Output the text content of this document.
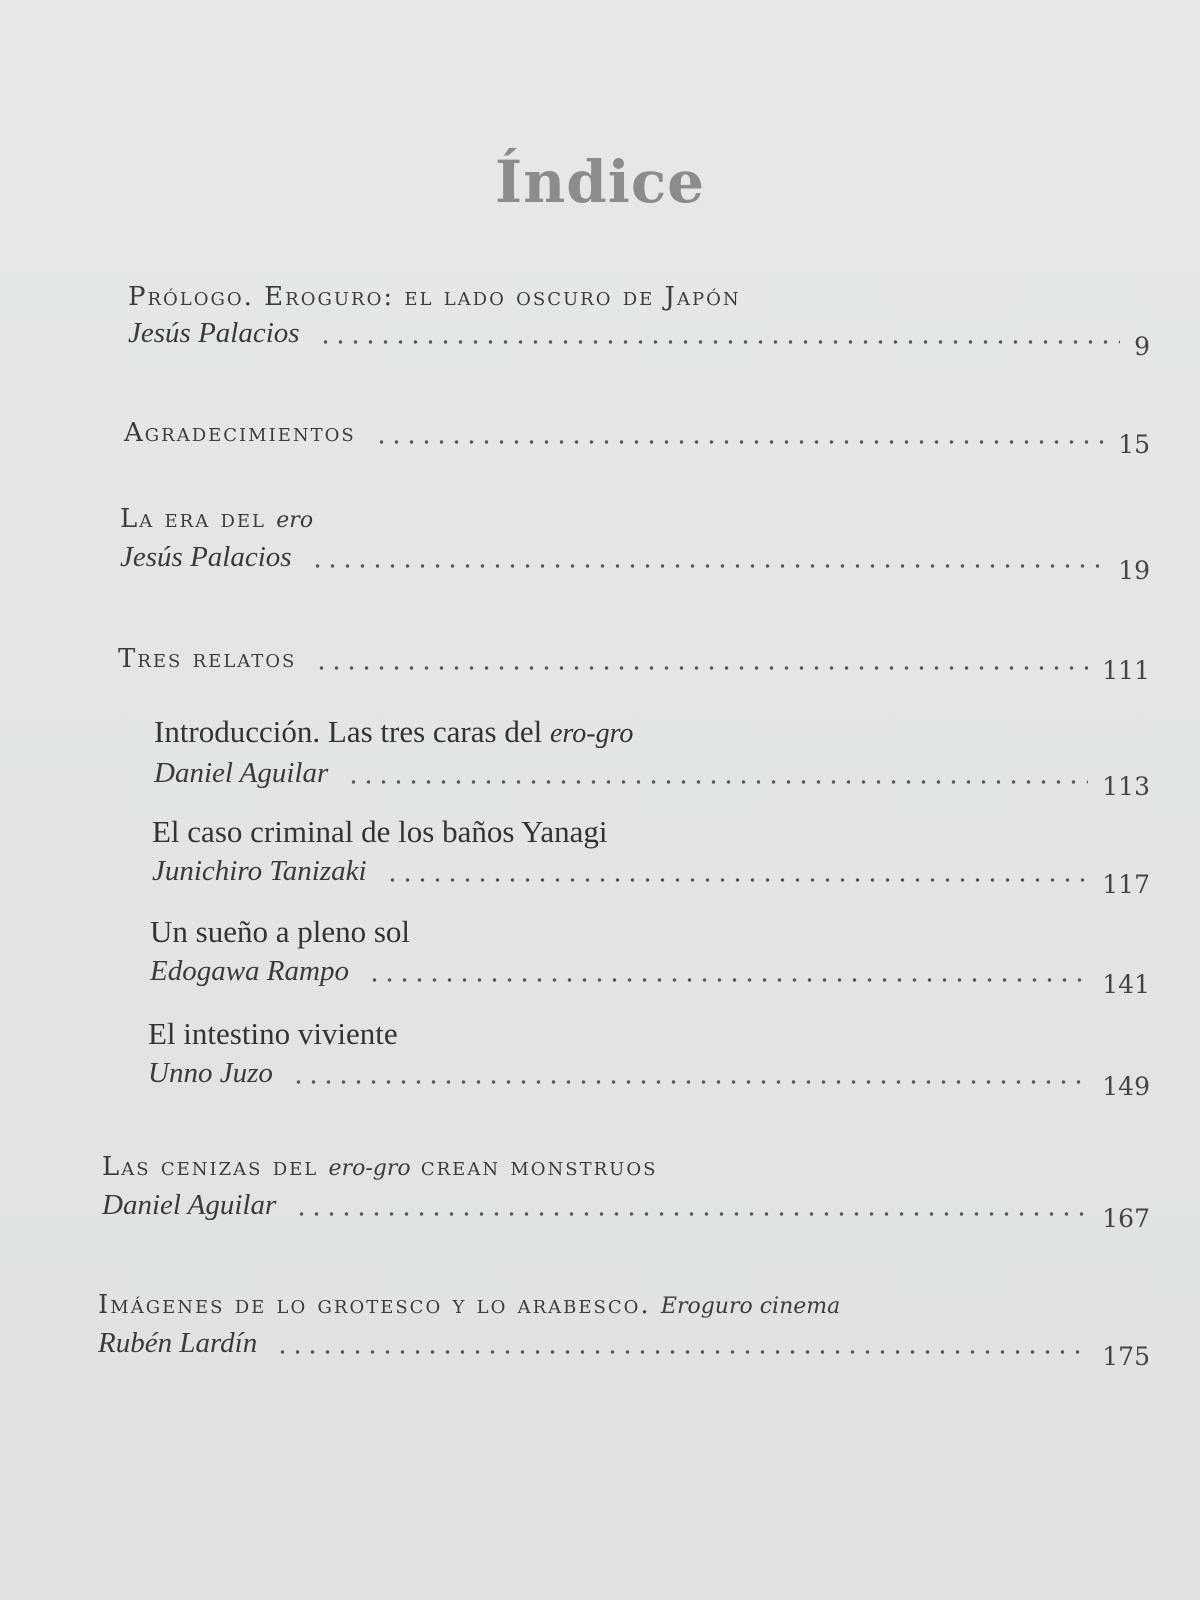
Índice
Prólogo. Eroguro: el lado oscuro de Japón
Jesús Palacios	9
Agradecimientos	15
La era del ero
Jesús Palacios	19
Tres relatos	111
Introducción. Las tres caras del ero-gro
Daniel Aguilar	113
El caso criminal de los baños Yanagi
Junichiro Tanizaki	117
Un sueño a pleno sol
Edogawa Rampo	141
El intestino viviente
Unno Juzo	149
Las cenizas del ero-gro crean monstruos
Daniel Aguilar	167
Imágenes de lo grotesco y lo arabesco. Eroguro cinema
Rubén Lardín	175
